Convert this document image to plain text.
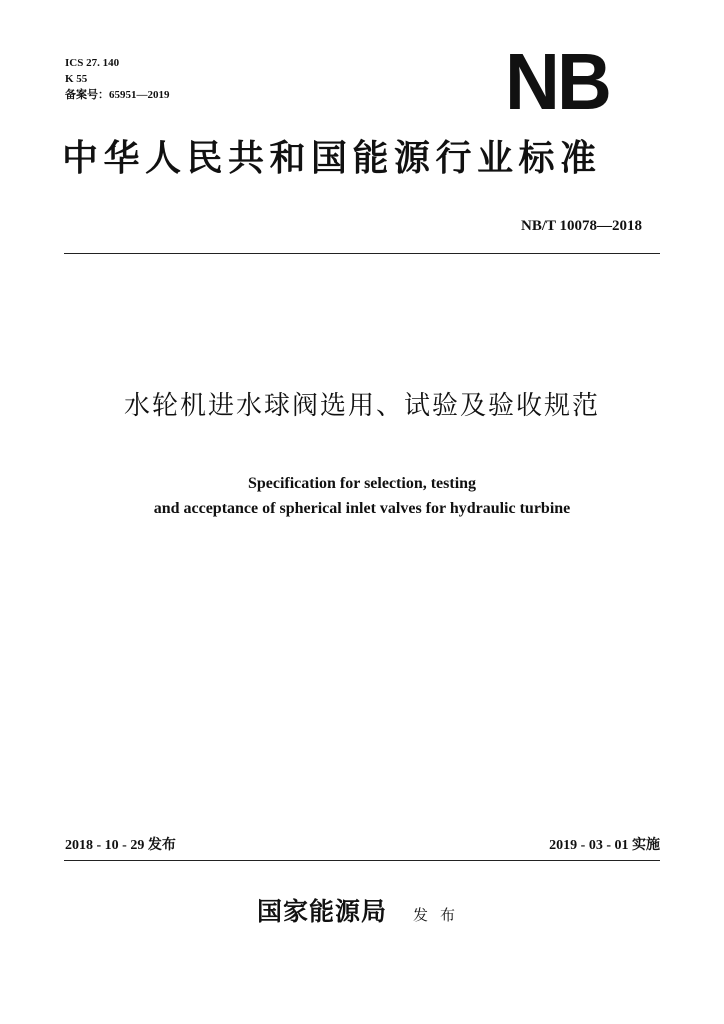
ICS 27. 140
K 55
备案号：65951—2019	NB
中华人民共和国能源行业标准
NB/T 10078—2018
水轮机进水球阀选用、试验及验收规范
Specification for selection, testing
and acceptance of spherical inlet valves for hydraulic turbine
2018 - 10 - 29 发布	2019 - 03 - 01 实施
国家能源局 发布
